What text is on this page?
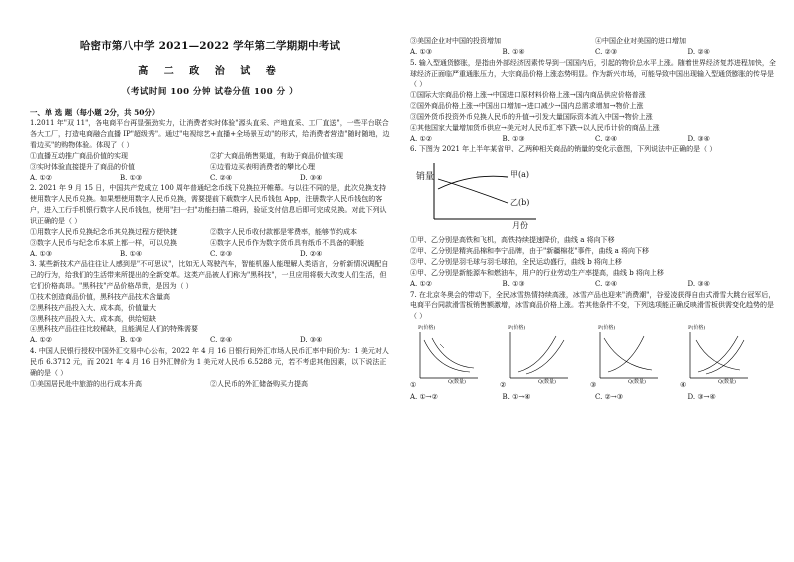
哈密市第八中学 2021—2022 学年第二学期期中考试
高 二 政 治 试 卷
（考试时间 100 分钟 试卷分值 100 分 ）
一、单 选 题（每小题 2分，共 50分）

1.2011 年"双 11"，各电商平台再显强劲实力，让消费者实时体验"源头直采、产地直采、工厂直送"，一些平台联合各大工厂，打造电商融合直播 IP"超级秀"。通过"电视综艺+直播+全场景互动"的形式，给消费者营造"随时随地，边看边买"的购物体验。体现了（ ）

①直播互动推广商品价值的实现	②扩大商品销售渠道，有助于商品价值实现
③实时体验直接提升了商品的价值	④边看边买表明消费者的攀比心理
A. ①②	B. ①③	C. ②④	D. ③④

2. 2021 年 9 月 15 日，中国共产党成立 100 周年普通纪念币线下兑换拉开帷幕。与以往不同的是，此次兑换支持使用数字人民币兑换。如果想使用数字人民币兑换，需要提前下载数字人民币钱包 App，注册数字人民币钱包的客户，进入工行手机银行数字人民币钱包，使用"扫一扫"功能扫描二维码，验证支付信息后即可完成兑换。对此下列认识正确的是（ ）

①用数字人民币兑换纪念币其兑换过程方便快捷	②数字人民币收付款都是零费率，能够节约成本
③数字人民币与纪念币本质上都一样，可以兑换	④数字人民币作为数字货币具有纸币不具备的职能
A. ①③	B. ①④	C. ②③	D. ②④

3. 某些新技术产品往往让人感到是"不可思议"，比如无人驾驶汽车，智能机器人能理解人类语言，分析新情况调配自己的行为，给我们的生活带来所提出的全新变革。这类产品被人们称为"黑科技"，一旦应用将极大改变人们生活，但它们价格高昂。"黑科技"产品价格昂贵，是因为（ ）

①技术创造商品价值，黑科技产品技术含量高

②黑科技产品投入大、成本高，价值量大

③黑科技产品投入大、成本高，供给短缺

④黑科技产品往往比较稀缺，且能满足人们的特殊需要

A. ①②	B. ①③	C. ②④	D. ③④

4. 中国人民银行授权中国外汇交易中心公布，2022 年 4 月 16 日银行间外汇市场人民币汇率中间价为：1 美元对人民币 6.3712 元，而 2021 年 4 月 16 日外汇牌价为 1 美元对人民币 6.5288 元，若不考虑其他因素，以下说法正确的是（ ）

①美国居民赴中旅游的出行成本升高	②人民币的外汇储备购买力提高
③美国企业对中国的投资增加	④中国企业对美国的进口增加
A. ①③	B. ①④	C. ②③	D. ②④

5. 输入型通货膨胀，是指由外部经济因素传导到一国国内后，引起的物价总水平上涨。随着世界经济复苏进程加快，全球经济正面临严重通胀压力，大宗商品价格上涨态势明显。作为新兴市场，可能导致中国出现输入型通货膨胀的传导是（ ）

①国际大宗商品价格上涨→中国进口原材料价格上涨→国内商品供应价格普涨

②国外商品价格上涨→中国出口增加→进口减少→国内总需求增加→物价上涨

③国外货币投资外币兑换人民币的升值→引发大量国际资本流入中国→物价上涨

④其他国家大量增加货币供应→美元对人民币汇率下跌→以人民币计价的商品上涨

A. ①②	B. ①③	C. ②④	D. ③④

6. 下图为 2021 年上半年某省甲、乙两种相关商品的销量的变化示意图，下列说法中正确的是（ ）

销量	甲(a)
乙(b)
月份

①甲、乙分别是高铁和飞机，高铁持续提速降价，曲线 a 将向下移

②甲、乙分别是精宾品棉和李宁品牌，由于"新疆棉花"事件，曲线 a 将向下移

③甲、乙分别是羽毛球与羽毛球拍，全民运动盛行，曲线 b 将向上移

④甲、乙分别是新能源车和燃油车，用户的行业劳动生产率提高，曲线 b 将向上移

A. ①②	B. ①③	C. ②④	D. ③④

7. 在北京冬奥会的带动下，全民冰雪热情持续高涨，冰雪产品也迎来"消费潮"，谷爱凌获得自由式滑雪大跳台冠军后，电商平台同款滑雪板销售额激增，冰雪商品价格上涨。若其他条件不变，下列选项能正确反映滑雪板供需变化趋势的是（ ）

P(价格)
Q(数量)
①
P(价格)
Q(数量)
②
P(价格)
Q(数量)
③
P(价格)
Q(数量)
④
A. ①→②	B. ①→④	C. ②→③	D. ③→④
